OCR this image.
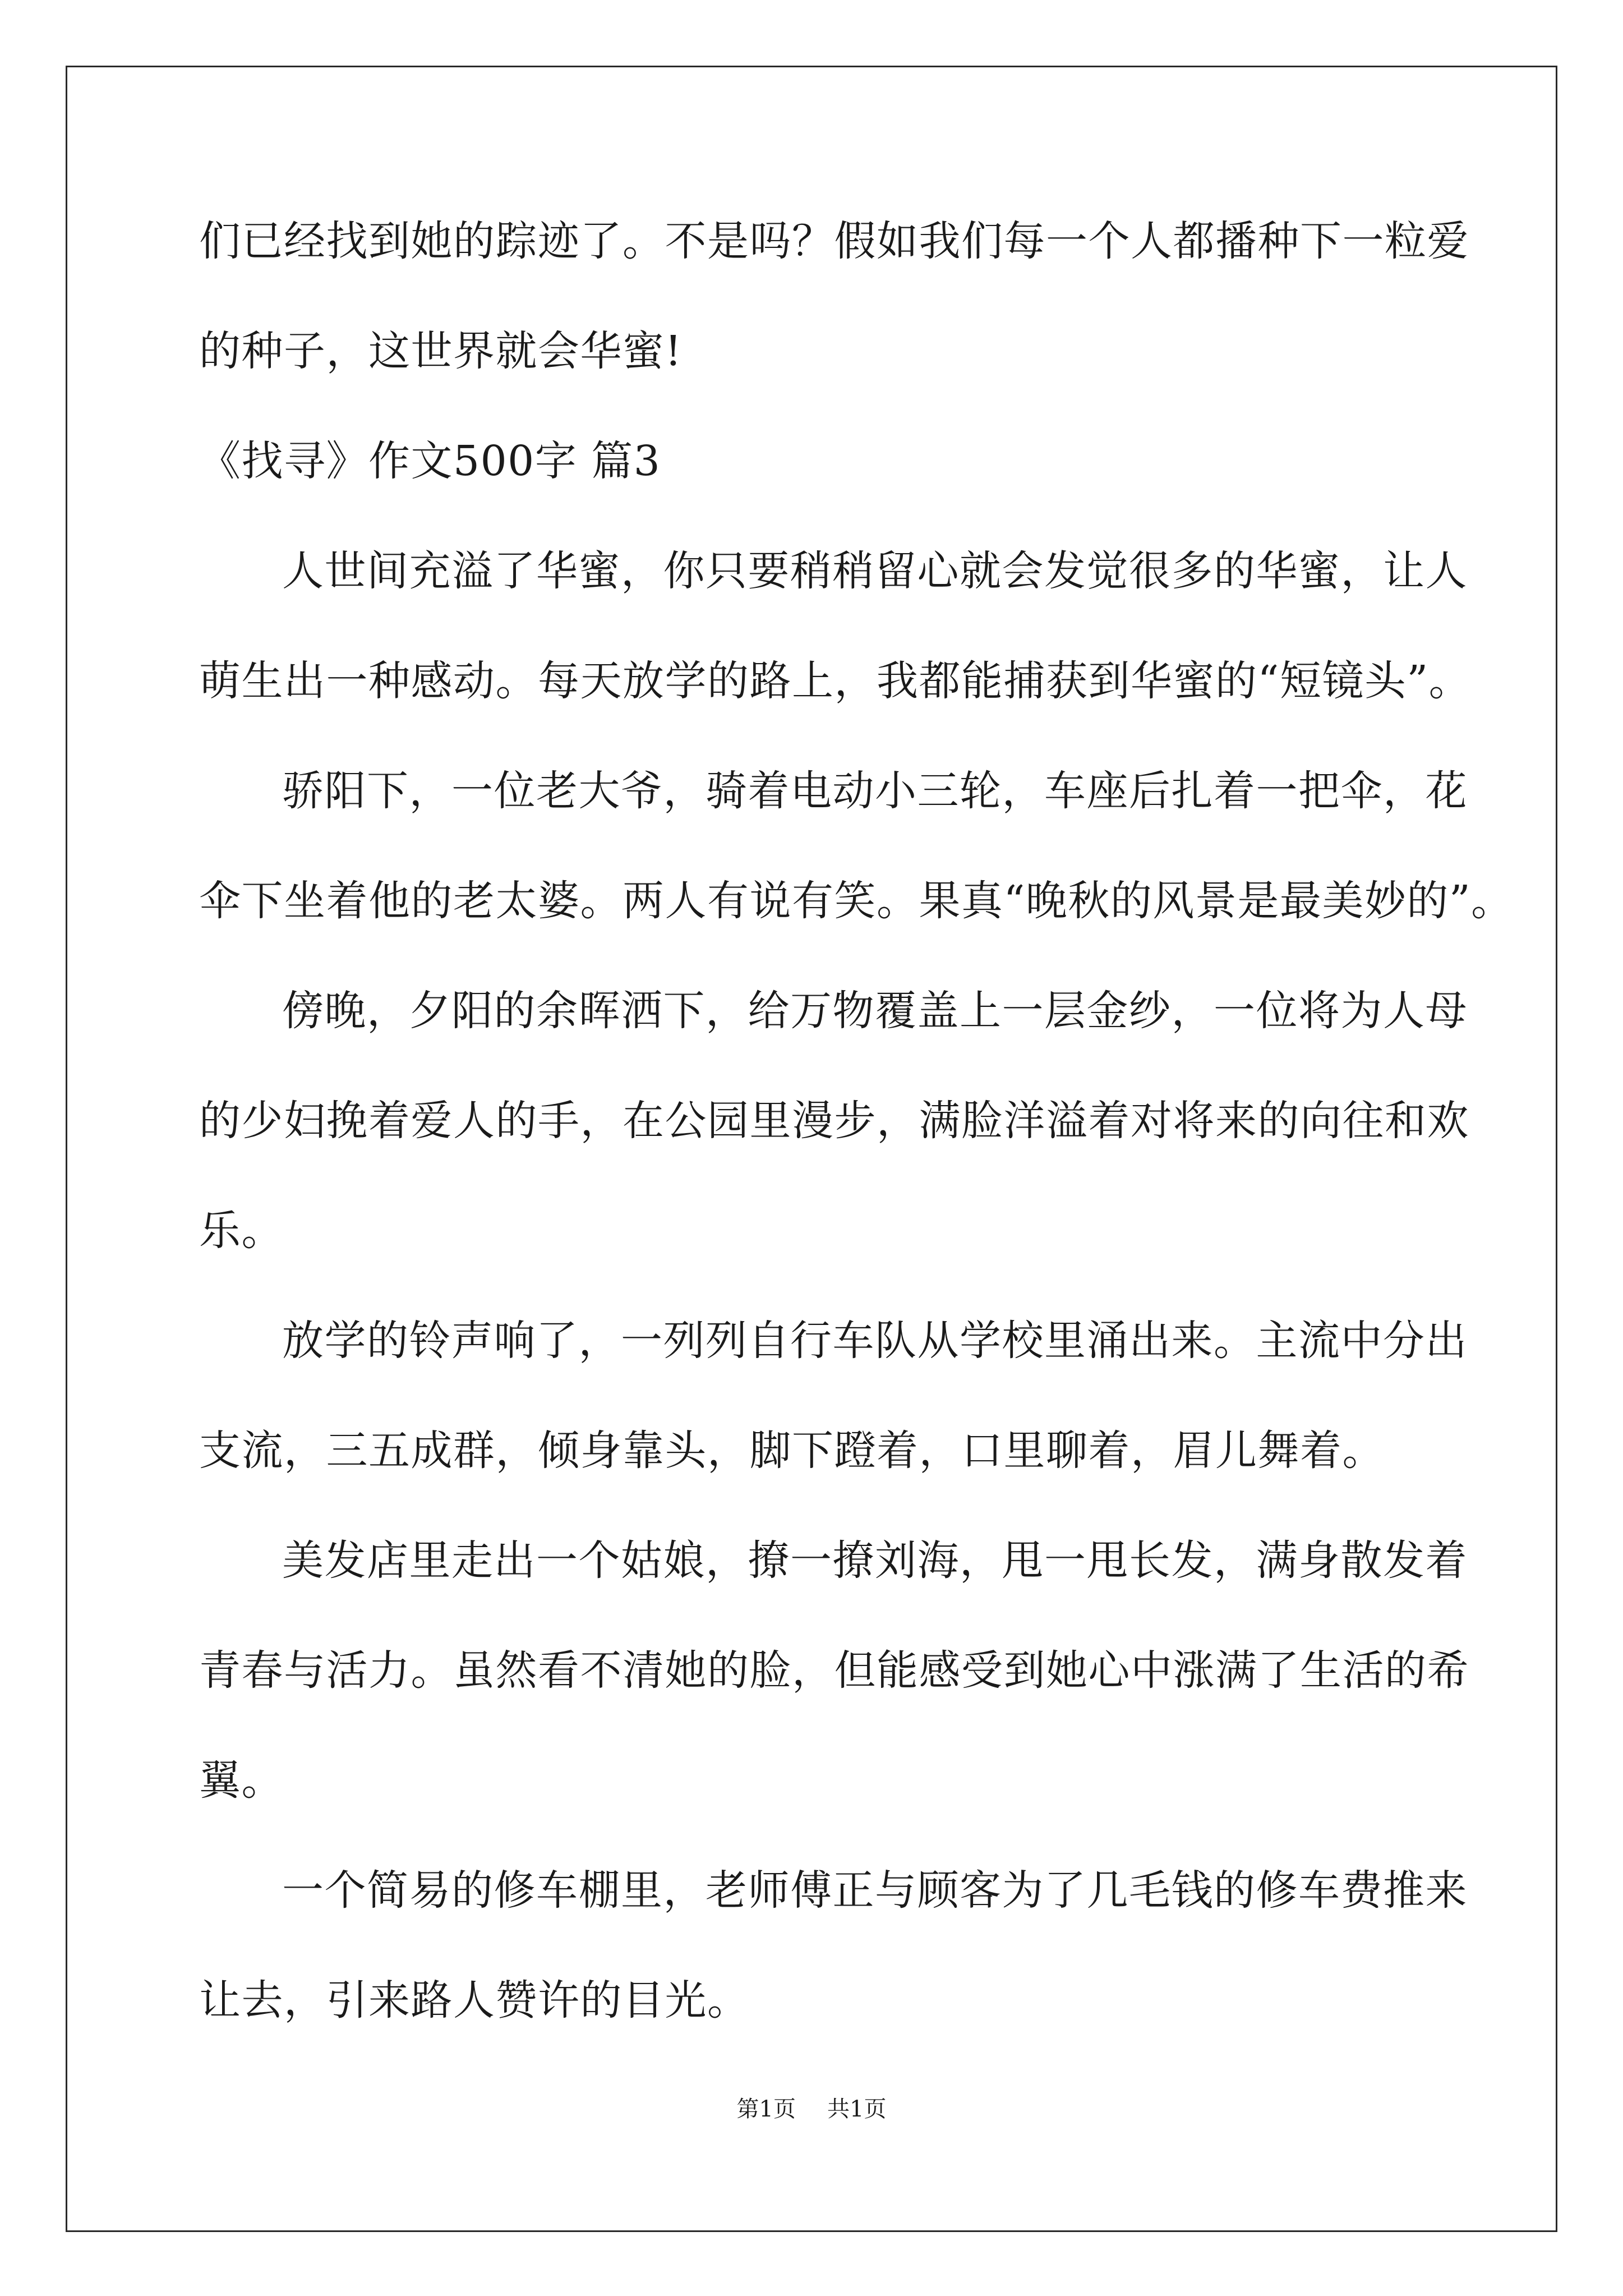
们已经找到她的踪迹了。不是吗？假如我们每一个人都播种下一粒爱
的种子，这世界就会华蜜!
《找寻》作文500字 篇3
人世间充溢了华蜜，你只要稍稍留心就会发觉很多的华蜜，让人
萌生出一种感动。每天放学的路上，我都能捕获到华蜜的“短镜头”。
骄阳下，一位老大爷，骑着电动小三轮，车座后扎着一把伞，花
伞下坐着他的老太婆。两人有说有笑。果真“晚秋的风景是最美妙的”。
傍晚，夕阳的余晖洒下，给万物覆盖上一层金纱，一位将为人母
的少妇挽着爱人的手，在公园里漫步，满脸洋溢着对将来的向往和欢
乐。
放学的铃声响了，一列列自行车队从学校里涌出来。主流中分出
支流，三五成群，倾身靠头，脚下蹬着，口里聊着，眉儿舞着。
美发店里走出一个姑娘，撩一撩刘海，甩一甩长发，满身散发着
青春与活力。虽然看不清她的脸，但能感受到她心中涨满了生活的希
翼。
一个简易的修车棚里，老师傅正与顾客为了几毛钱的修车费推来
让去，引来路人赞许的目光。
第1页 共1页
